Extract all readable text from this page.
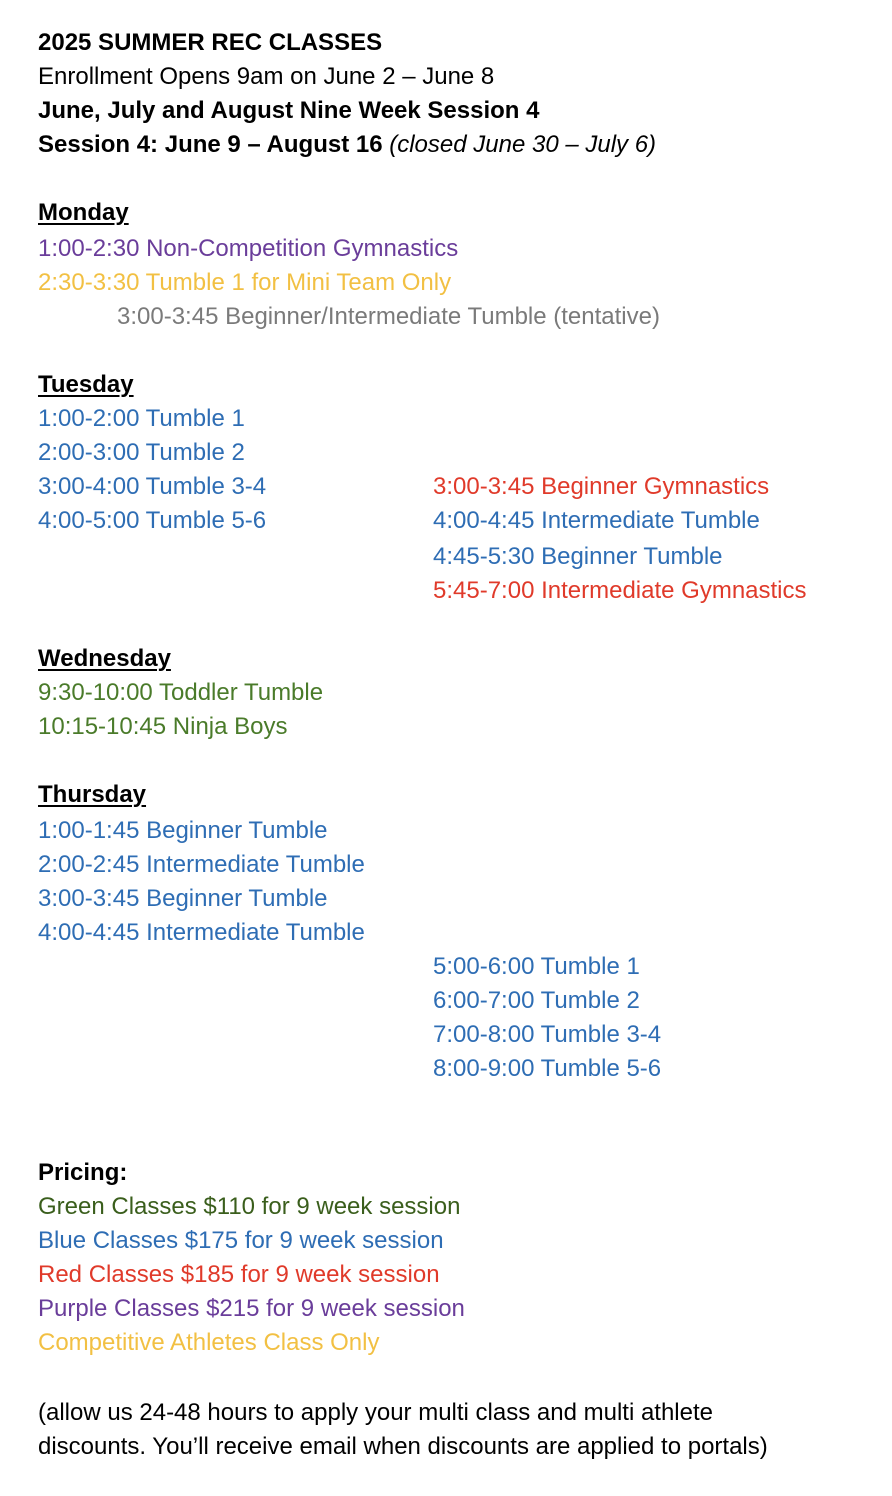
2025 SUMMER REC CLASSES
Enrollment Opens 9am on June 2 – June 8
June, July and August Nine Week Session 4
Session 4: June 9 – August 16 (closed June 30 – July 6)
Monday
1:00-2:30 Non-Competition Gymnastics
2:30-3:30 Tumble 1 for Mini Team Only
3:00-3:45 Beginner/Intermediate Tumble (tentative)
Tuesday
1:00-2:00 Tumble 1
2:00-3:00 Tumble 2
3:00-4:00 Tumble 3-4
4:00-5:00 Tumble 5-6
3:00-3:45 Beginner Gymnastics
4:00-4:45 Intermediate Tumble
4:45-5:30 Beginner Tumble
5:45-7:00 Intermediate Gymnastics
Wednesday
9:30-10:00 Toddler Tumble
10:15-10:45 Ninja Boys
Thursday
1:00-1:45 Beginner Tumble
2:00-2:45 Intermediate Tumble
3:00-3:45 Beginner Tumble
4:00-4:45 Intermediate Tumble
5:00-6:00 Tumble 1
6:00-7:00 Tumble 2
7:00-8:00 Tumble 3-4
8:00-9:00 Tumble 5-6
Pricing:
Green Classes $110 for 9 week session
Blue Classes $175 for 9 week session
Red Classes $185 for 9 week session
Purple Classes $215 for 9 week session
Competitive Athletes Class Only
(allow us 24-48 hours to apply your multi class and multi athlete
discounts. You’ll receive email when discounts are applied to portals)
